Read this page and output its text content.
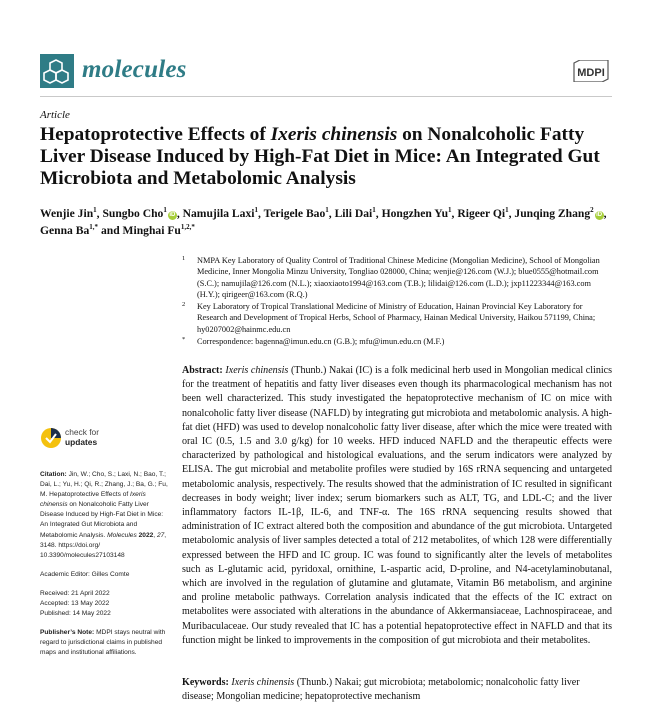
molecules	MDPI
Article
Hepatoprotective Effects of Ixeris chinensis on Nonalcoholic Fatty Liver Disease Induced by High-Fat Diet in Mice: An Integrated Gut Microbiota and Metabolomic Analysis
Wenjie Jin$^1$, Sungbo Cho$^1$iD , Namujila Laxi$^1$, Terigele Bao$^1$, Lili Dai$^1$, Hongzhen Yu$^1$, Rigeer Qi$^1$, Junqing Zhang$^2$iD , Genna $Ba^{1,*}$ and Minghai $Fu^{1,2,*}$
1 NMPA Key Laboratory of Quality Control of Traditional Chinese Medicine (Mongolian Medicine), School of Mongolian Medicine, Inner Mongolia Minzu University, Tongliao 028000, China; wenjie@126.com (W.J.); blue0555@hotmail.com (S.C.); namujila@126.com (N.L.); xiaoxiaoto1994@163.com (T.B.); lilidai@126.com (L.D.); jxp11223344@163.com (H.Y.); qirigeer@163.com (R.Q.)
2 Key Laboratory of Tropical Translational Medicine of Ministry of Education, Hainan Provincial Key Laboratory for Research and Development of Tropical Herbs, School of Pharmacy, Hainan Medical University, Haikou 571199, China; hy0207002@hainmc.edu.cn
* Correspondence: bagenna@imun.edu.cn (G.B.); mfu@imun.edu.cn (M.F.)

Abstract: Ixeris chinensis (Thunb.) Nakai (IC) is a folk medicinal herb used in Mongolian medical clinics for the treatment of hepatitis and fatty liver diseases even though its pharmacological mechanism has not been well characterized. This study investigated the hepatoprotective mechanism of IC on mice with nonalcoholic fatty liver disease (NAFLD) by integrating gut microbiota and metabolomic analysis. A high-fat diet (HFD) was used to develop nonalcoholic fatty liver disease, after which the mice were treated with oral IC (0.5, 1.5 and 3.0 g/kg) for 10 weeks. HFD induced NAFLD and the therapeutic effects were characterized by pathological and histological evaluations, and the serum indicators were analyzed by ELISA. The gut microbial and metabolite profiles were studied by 16S rRNA sequencing and untargeted metabolomic analysis, respectively. The results showed that the administration of IC resulted in significant decreases in body weight; liver index; serum biomarkers such as ALT, TG, and LDL-C; and the liver inflammatory factors IL-1β, IL-6, and TNF-α. The 16S rRNA sequencing results showed that administration of IC extract altered both the composition and abundance of the gut microbiota. Untargeted metabolomic analysis of liver samples detected a total of 212 metabolites, of which 128 were differentially expressed between the HFD and IC group. IC was found to significantly alter the levels of metabolites such as L-glutamic acid, pyridoxal, ornithine, L-aspartic acid, D-proline, and N4-acetylaminobutanal, which are involved in the regulation of glutamine and glutamate, Vitamin B6 metabolism, and arginine and proline metabolic pathways. Correlation analysis indicated that the effects of the IC extract on metabolites were associated with alterations in the abundance of Akkermansiaceae, Lachnospiraceae, and Muribaculaceae. Our study revealed that IC has a potential hepatoprotective effect in NAFLD and that its function might be linked to improvements in the composition of gut microbiota and their metabolites.

Keywords: Ixeris chinensis (Thunb.) Nakai; gut microbiota; metabolomic; nonalcoholic fatty liver disease; Mongolian medicine; hepatoprotective mechanism

check for
updates
Citation: Jin, W.; Cho, S.; Laxi, N.; Bao, T.; Dai, L.; Yu, H.; Qi, R.; Zhang, J.; Ba, G.; Fu, M. Hepatoprotective Effects of Ixeris chinensis on Nonalcoholic Fatty Liver Disease Induced by High-Fat Diet in Mice: An Integrated Gut Microbiota and Metabolomic Analysis. Molecules 2022, 27, 3148. https://doi.org/ 10.3390/molecules27103148
Academic Editor: Gilles Comte
Received: 21 April 2022
Accepted: 13 May 2022
Published: 14 May 2022
Publisher’s Note: MDPI stays neutral with regard to jurisdictional claims in published maps and institutional affiliations.
